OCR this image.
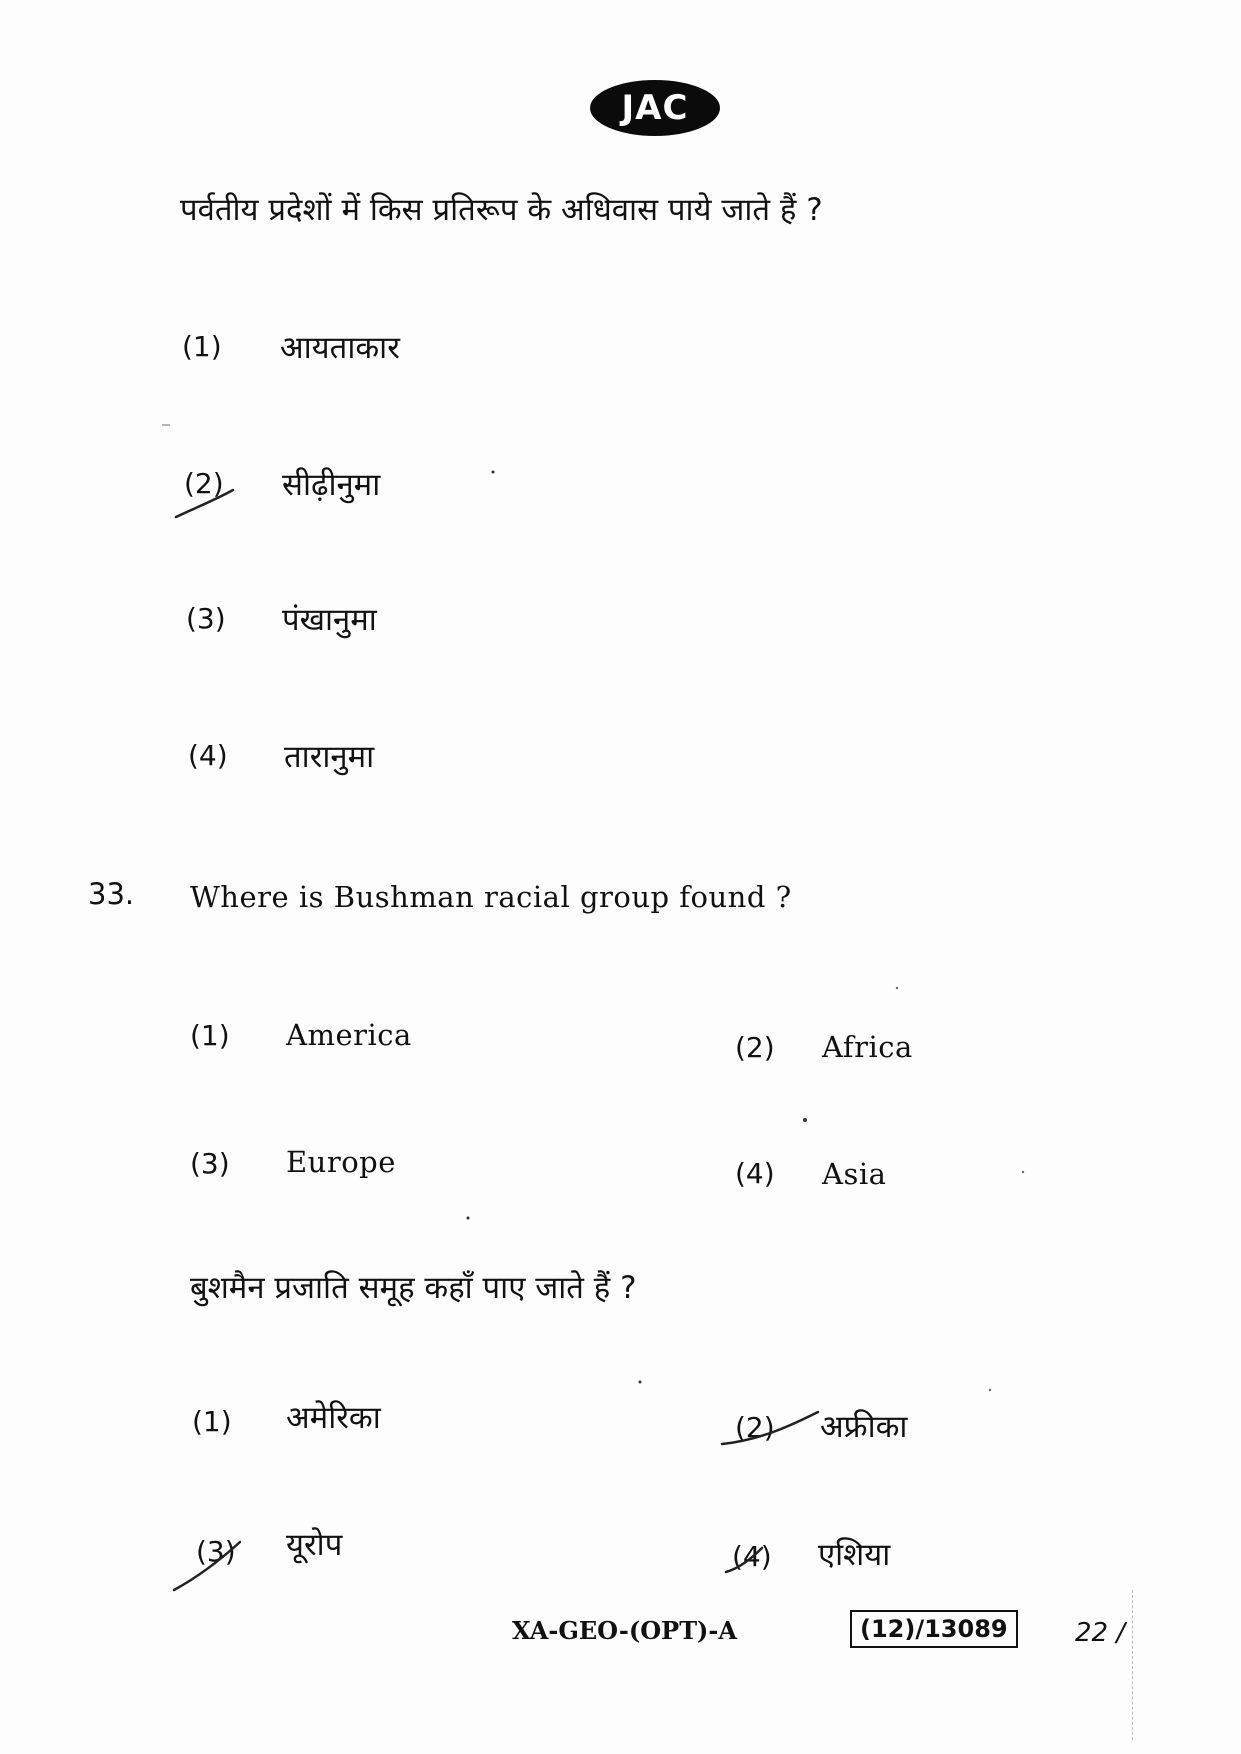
JAC
पर्वतीय प्रदेशों में किस प्रतिरूप के अधिवास पाये जाते हैं ?
(1) आयताकार
(2) सीढ़ीनुमा
(3) पंखानुमा
(4) तारानुमा
33. Where is Bushman racial group found ?
(1) America	(2) Africa
(3) Europe	(4) Asia
बुशमैन प्रजाति समूह कहाँ पाए जाते हैं ?
(1) अमेरिका	(2) अफ्रीका
(3) यूरोप	(4) एशिया
XA-GEO-(OPT)-A	(12)/13089	22 /
